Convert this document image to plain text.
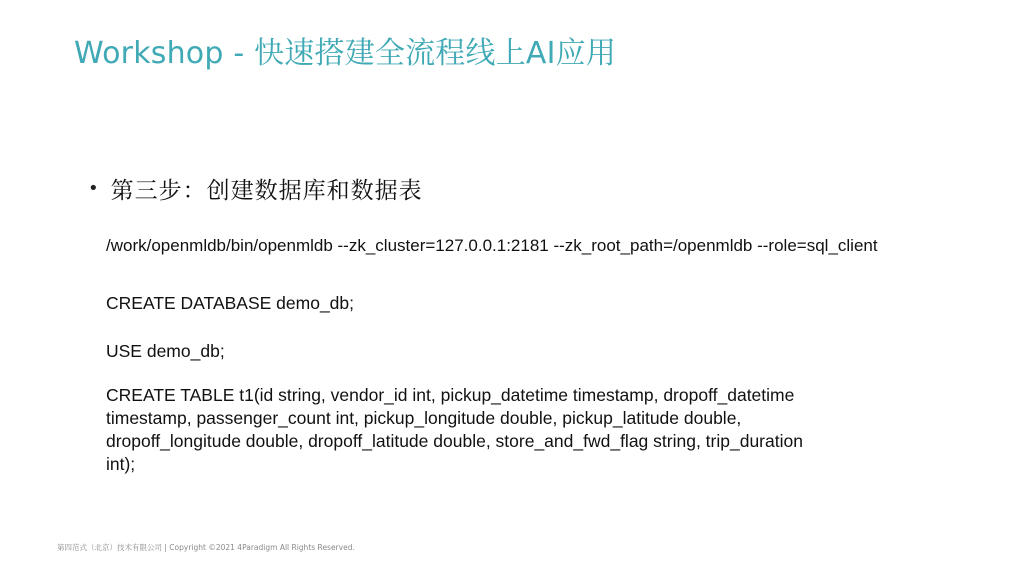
Workshop - 快速搭建全流程线上AI应用
• 第三步：创建数据库和数据表
/work/openmldb/bin/openmldb --zk_cluster=127.0.0.1:2181 --zk_root_path=/openmldb --role=sql_client
CREATE DATABASE demo_db;
USE demo_db;
CREATE TABLE t1(id string, vendor_id int, pickup_datetime timestamp, dropoff_datetime
timestamp, passenger_count int, pickup_longitude double, pickup_latitude double,
dropoff_longitude double, dropoff_latitude double, store_and_fwd_flag string, trip_duration
int);
第四范式（北京）技术有限公司 | Copyright ©2021 4Paradigm All Rights Reserved.
